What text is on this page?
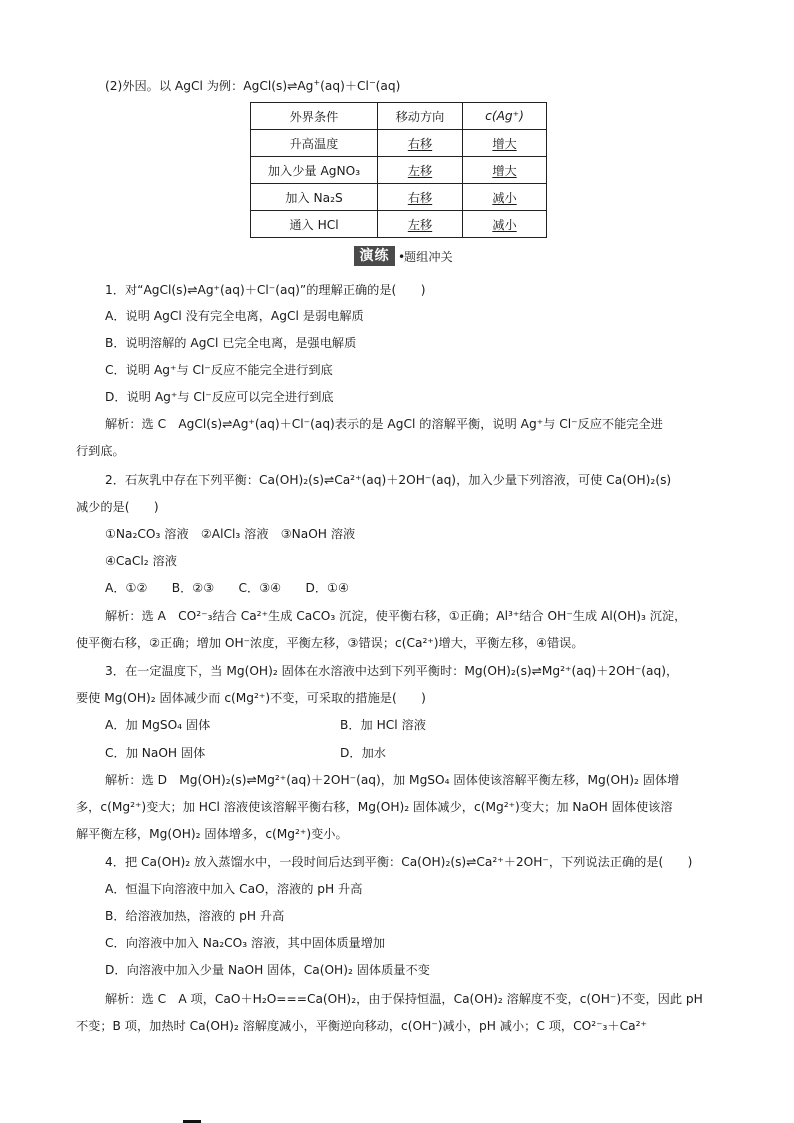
(2)外因。以 AgCl 为例：AgCl(s)⇌Ag+(aq)＋Cl−(aq)
外界条件	移动方向	c(Ag⁺)
升高温度	右移	增大
加入少量 AgNO₃	左移	增大
加入 Na₂S	右移	减小
通入 HCl	左移	减小
演练 •
题组冲关
1．对“AgCl(s)⇌Ag⁺(aq)＋Cl⁻(aq)”的理解正确的是(　　)
A．说明 AgCl 没有完全电离，AgCl 是弱电解质
B．说明溶解的 AgCl 已完全电离，是强电解质
C．说明 Ag⁺与 Cl⁻反应不能完全进行到底
D．说明 Ag⁺与 Cl⁻反应可以完全进行到底
解析：选 C　AgCl(s)⇌Ag⁺(aq)＋Cl⁻(aq)表示的是 AgCl 的溶解平衡，说明 Ag⁺与 Cl⁻反应不能完全进
行到底。
2．石灰乳中存在下列平衡：Ca(OH)₂(s)⇌Ca²⁺(aq)＋2OH⁻(aq)，加入少量下列溶液，可使 Ca(OH)₂(s)
减少的是(　　)
①Na₂CO₃ 溶液　②AlCl₃ 溶液　③NaOH 溶液
④CaCl₂ 溶液
A．①②　　B．②③　　C．③④　　D．①④
解析：选 A　CO²⁻₃结合 Ca²⁺生成 CaCO₃ 沉淀，使平衡右移，①正确；Al³⁺结合 OH⁻生成 Al(OH)₃ 沉淀，
使平衡右移，②正确；增加 OH⁻浓度，平衡左移，③错误；c(Ca²⁺)增大，平衡左移，④错误。
3．在一定温度下，当 Mg(OH)₂ 固体在水溶液中达到下列平衡时：Mg(OH)₂(s)⇌Mg²⁺(aq)＋2OH⁻(aq)，
要使 Mg(OH)₂ 固体减少而 c(Mg²⁺)不变，可采取的措施是(　　)
A．加 MgSO₄ 固体	B．加 HCl 溶液
C．加 NaOH 固体	D．加水
解析：选 D　Mg(OH)₂(s)⇌Mg²⁺(aq)＋2OH⁻(aq)，加 MgSO₄ 固体使该溶解平衡左移，Mg(OH)₂ 固体增
多，c(Mg²⁺)变大；加 HCl 溶液使该溶解平衡右移，Mg(OH)₂ 固体减少，c(Mg²⁺)变大；加 NaOH 固体使该溶
解平衡左移，Mg(OH)₂ 固体增多，c(Mg²⁺)变小。
4．把 Ca(OH)₂ 放入蒸馏水中，一段时间后达到平衡：Ca(OH)₂(s)⇌Ca²⁺＋2OH⁻，下列说法正确的是(　　)
A．恒温下向溶液中加入 CaO，溶液的 pH 升高
B．给溶液加热，溶液的 pH 升高
C．向溶液中加入 Na₂CO₃ 溶液，其中固体质量增加
D．向溶液中加入少量 NaOH 固体，Ca(OH)₂ 固体质量不变
解析：选 C　A 项，CaO＋H₂O===Ca(OH)₂，由于保持恒温，Ca(OH)₂ 溶解度不变，c(OH⁻)不变，因此 pH
不变；B 项，加热时 Ca(OH)₂ 溶解度减小，平衡逆向移动，c(OH⁻)减小，pH 减小；C 项，CO²⁻₃＋Ca²⁺
